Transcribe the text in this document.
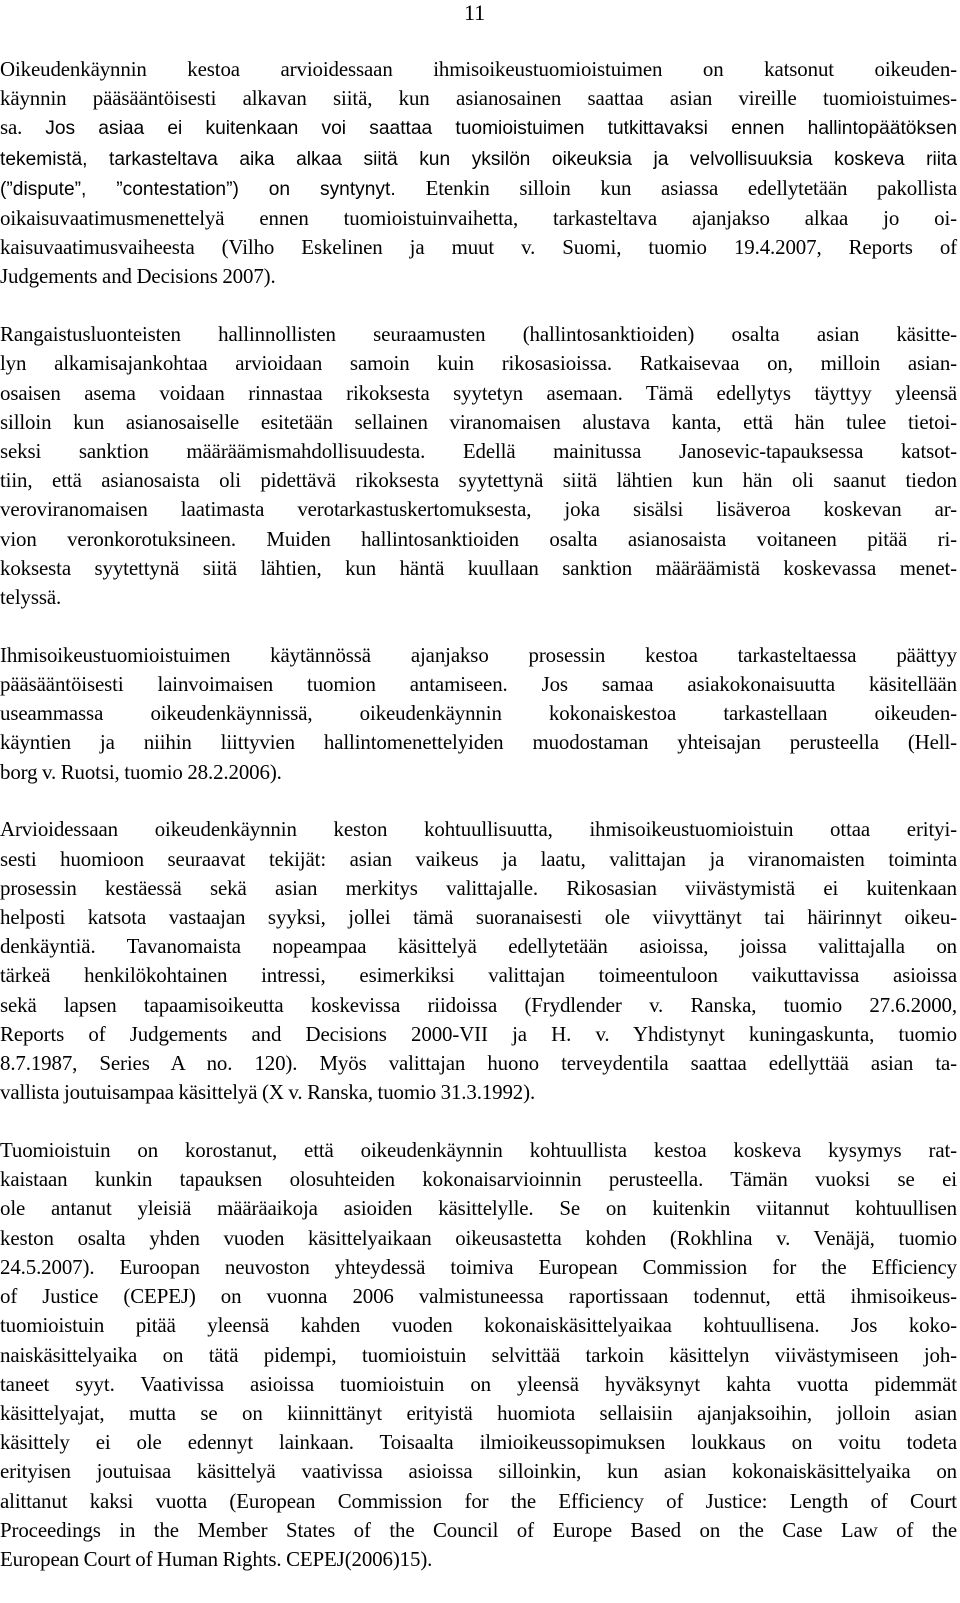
11
Oikeudenkäynnin kestoa arvioidessaan ihmisoikeustuomioistuimen on katsonut oikeuden-
käynnin pääsääntöisesti alkavan siitä, kun asianosainen saattaa asian vireille tuomioistuimes-
sa. Jos asiaa ei kuitenkaan voi saattaa tuomioistuimen tutkittavaksi ennen hallintopäätöksen
tekemistä, tarkasteltava aika alkaa siitä kun yksilön oikeuksia ja velvollisuuksia koskeva riita
(”dispute”, ”contestation”) on syntynyt. Etenkin silloin kun asiassa edellytetään pakollista
oikaisuvaatimusmenettelyä ennen tuomioistuinvaihetta, tarkasteltava ajanjakso alkaa jo oi-
kaisuvaatimusvaiheesta (Vilho Eskelinen ja muut v. Suomi, tuomio 19.4.2007, Reports of
Judgements and Decisions 2007).
Rangaistusluonteisten hallinnollisten seuraamusten (hallintosanktioiden) osalta asian käsitte-
lyn alkamisajankohtaa arvioidaan samoin kuin rikosasioissa. Ratkaisevaa on, milloin asian-
osaisen asema voidaan rinnastaa rikoksesta syytetyn asemaan. Tämä edellytys täyttyy yleensä
silloin kun asianosaiselle esitetään sellainen viranomaisen alustava kanta, että hän tulee tietoi-
seksi sanktion määräämismahdollisuudesta. Edellä mainitussa Janosevic-tapauksessa katsot-
tiin, että asianosaista oli pidettävä rikoksesta syytettynä siitä lähtien kun hän oli saanut tiedon
veroviranomaisen laatimasta verotarkastuskertomuksesta, joka sisälsi lisäveroa koskevan ar-
vion veronkorotuksineen. Muiden hallintosanktioiden osalta asianosaista voitaneen pitää ri-
koksesta syytettynä siitä lähtien, kun häntä kuullaan sanktion määräämistä koskevassa menet-
telyssä.
Ihmisoikeustuomioistuimen käytännössä ajanjakso prosessin kestoa tarkasteltaessa päättyy
pääsääntöisesti lainvoimaisen tuomion antamiseen. Jos samaa asiakokonaisuutta käsitellään
useammassa oikeudenkäynnissä, oikeudenkäynnin kokonaiskestoa tarkastellaan oikeuden-
käyntien ja niihin liittyvien hallintomenettelyiden muodostaman yhteisajan perusteella (Hell-
borg v. Ruotsi, tuomio 28.2.2006).
Arvioidessaan oikeudenkäynnin keston kohtuullisuutta, ihmisoikeustuomioistuin ottaa erityi-
sesti huomioon seuraavat tekijät: asian vaikeus ja laatu, valittajan ja viranomaisten toiminta
prosessin kestäessä sekä asian merkitys valittajalle. Rikosasian viivästymistä ei kuitenkaan
helposti katsota vastaajan syyksi, jollei tämä suoranaisesti ole viivyttänyt tai häirinnyt oikeu-
denkäyntiä. Tavanomaista nopeampaa käsittelyä edellytetään asioissa, joissa valittajalla on
tärkeä henkilökohtainen intressi, esimerkiksi valittajan toimeentuloon vaikuttavissa asioissa
sekä lapsen tapaamisoikeutta koskevissa riidoissa (Frydlender v. Ranska, tuomio 27.6.2000,
Reports of Judgements and Decisions 2000-VII ja H. v. Yhdistynyt kuningaskunta, tuomio
8.7.1987, Series A no. 120). Myös valittajan huono terveydentila saattaa edellyttää asian ta-
vallista joutuisampaa käsittelyä (X v. Ranska, tuomio 31.3.1992).
Tuomioistuin on korostanut, että oikeudenkäynnin kohtuullista kestoa koskeva kysymys rat-
kaistaan kunkin tapauksen olosuhteiden kokonaisarvioinnin perusteella. Tämän vuoksi se ei
ole antanut yleisiä määräaikoja asioiden käsittelylle. Se on kuitenkin viitannut kohtuullisen
keston osalta yhden vuoden käsittelyaikaan oikeusastetta kohden (Rokhlina v. Venäjä, tuomio
24.5.2007). Euroopan neuvoston yhteydessä toimiva European Commission for the Efficiency
of Justice (CEPEJ) on vuonna 2006 valmistuneessa raportissaan todennut, että ihmisoikeus-
tuomioistuin pitää yleensä kahden vuoden kokonaiskäsittelyaikaa kohtuullisena. Jos koko-
naiskäsittelyaika on tätä pidempi, tuomioistuin selvittää tarkoin käsittelyn viivästymiseen joh-
taneet syyt. Vaativissa asioissa tuomioistuin on yleensä hyväksynyt kahta vuotta pidemmät
käsittelyajat, mutta se on kiinnittänyt erityistä huomiota sellaisiin ajanjaksoihin, jolloin asian
käsittely ei ole edennyt lainkaan. Toisaalta ilmioikeussopimuksen loukkaus on voitu todeta
erityisen joutuisaa käsittelyä vaativissa asioissa silloinkin, kun asian kokonaiskäsittelyaika on
alittanut kaksi vuotta (European Commission for the Efficiency of Justice: Length of Court
Proceedings in the Member States of the Council of Europe Based on the Case Law of the
European Court of Human Rights. CEPEJ(2006)15).
